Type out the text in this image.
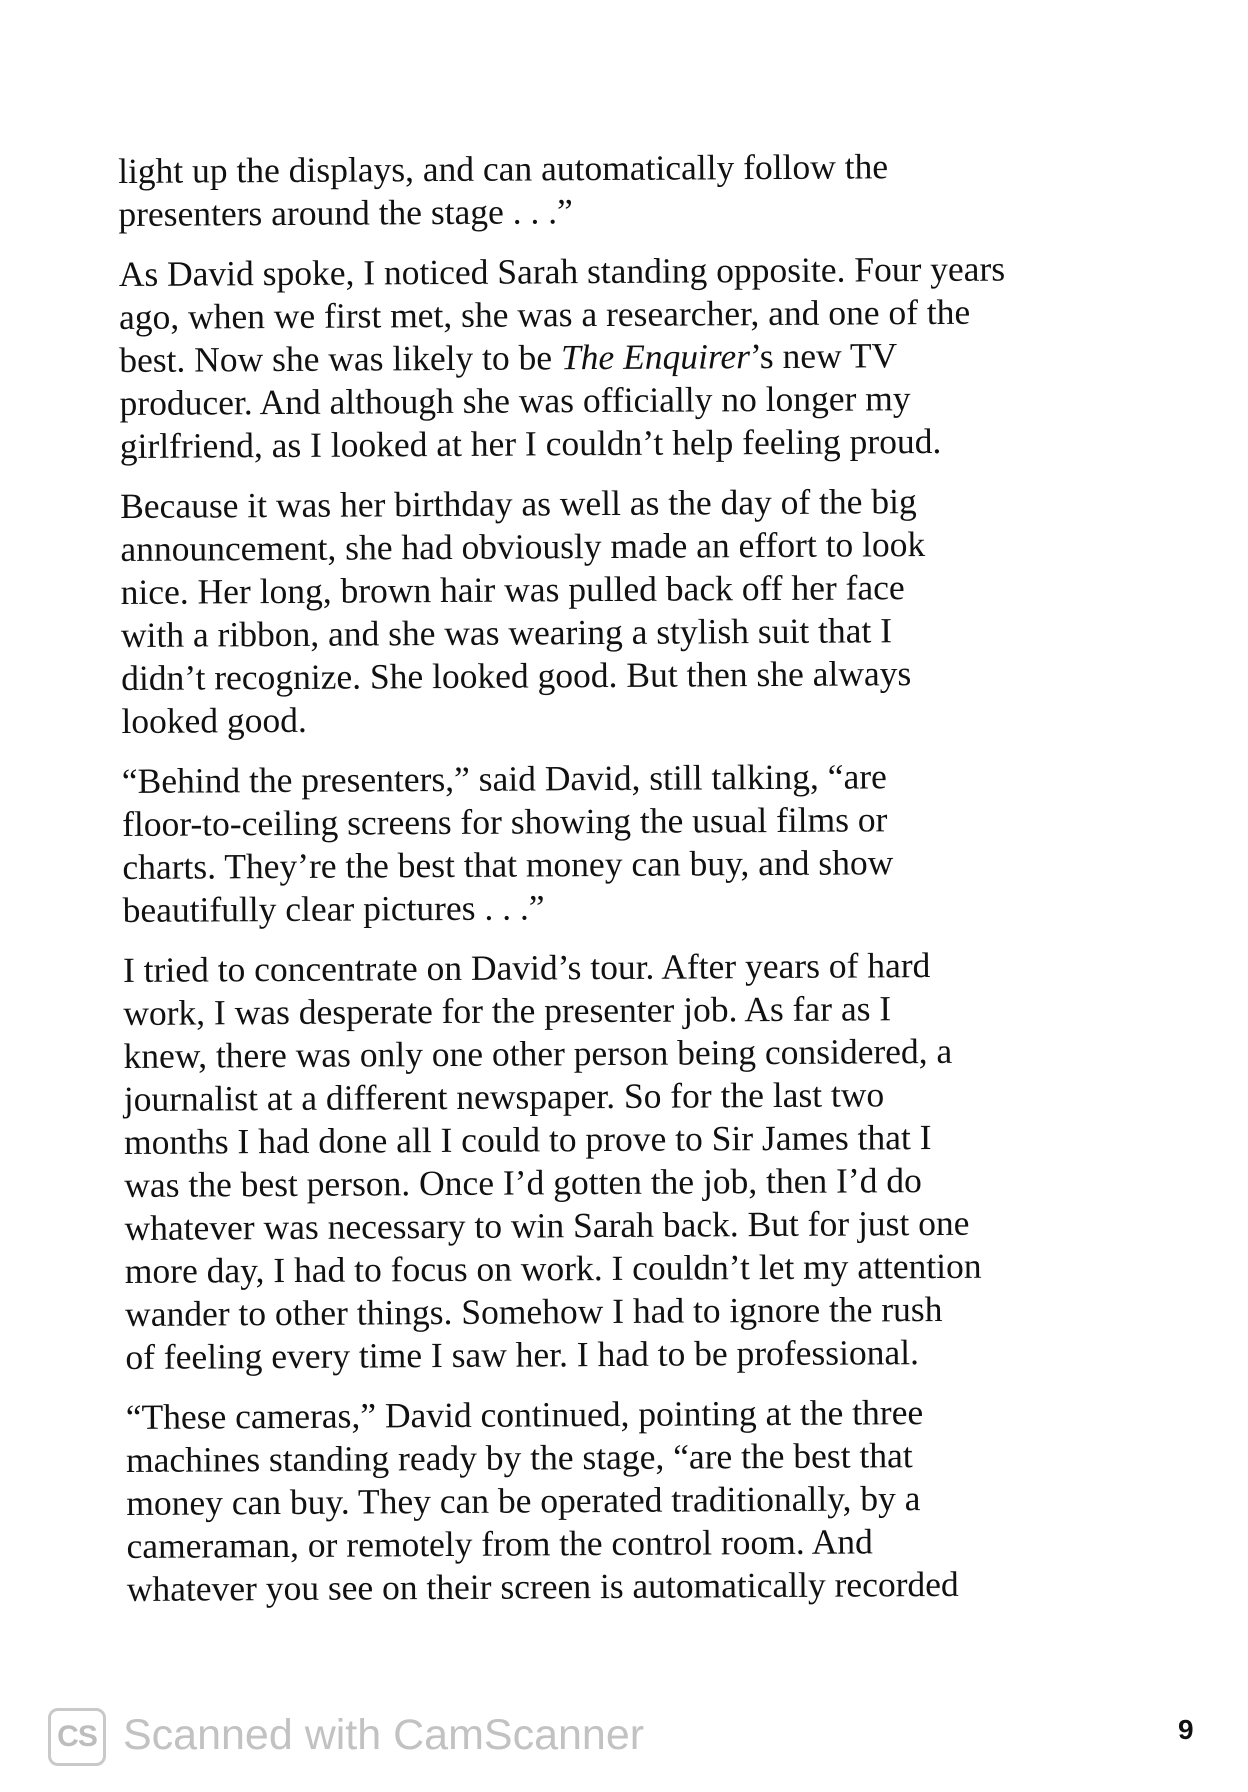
light up the displays, and can automatically follow the
presenters around the stage . . .”

As David spoke, I noticed Sarah standing opposite. Four years
ago, when we first met, she was a researcher, and one of the
best. Now she was likely to be The Enquirer’s new TV
producer. And although she was officially no longer my
girlfriend, as I looked at her I couldn’t help feeling proud.

Because it was her birthday as well as the day of the big
announcement, she had obviously made an effort to look
nice. Her long, brown hair was pulled back off her face
with a ribbon, and she was wearing a stylish suit that I
didn’t recognize. She looked good. But then she always
looked good.

“Behind the presenters,” said David, still talking, “are
floor-to-ceiling screens for showing the usual films or
charts. They’re the best that money can buy, and show
beautifully clear pictures . . .”

I tried to concentrate on David’s tour. After years of hard
work, I was desperate for the presenter job. As far as I
knew, there was only one other person being considered, a
journalist at a different newspaper. So for the last two
months I had done all I could to prove to Sir James that I
was the best person. Once I’d gotten the job, then I’d do
whatever was necessary to win Sarah back. But for just one
more day, I had to focus on work. I couldn’t let my attention
wander to other things. Somehow I had to ignore the rush
of feeling every time I saw her. I had to be professional.

“These cameras,” David continued, pointing at the three
machines standing ready by the stage, “are the best that
money can buy. They can be operated traditionally, by a
cameraman, or remotely from the control room. And
whatever you see on their screen is automatically recorded

CS Scanned with CamScanner	9
